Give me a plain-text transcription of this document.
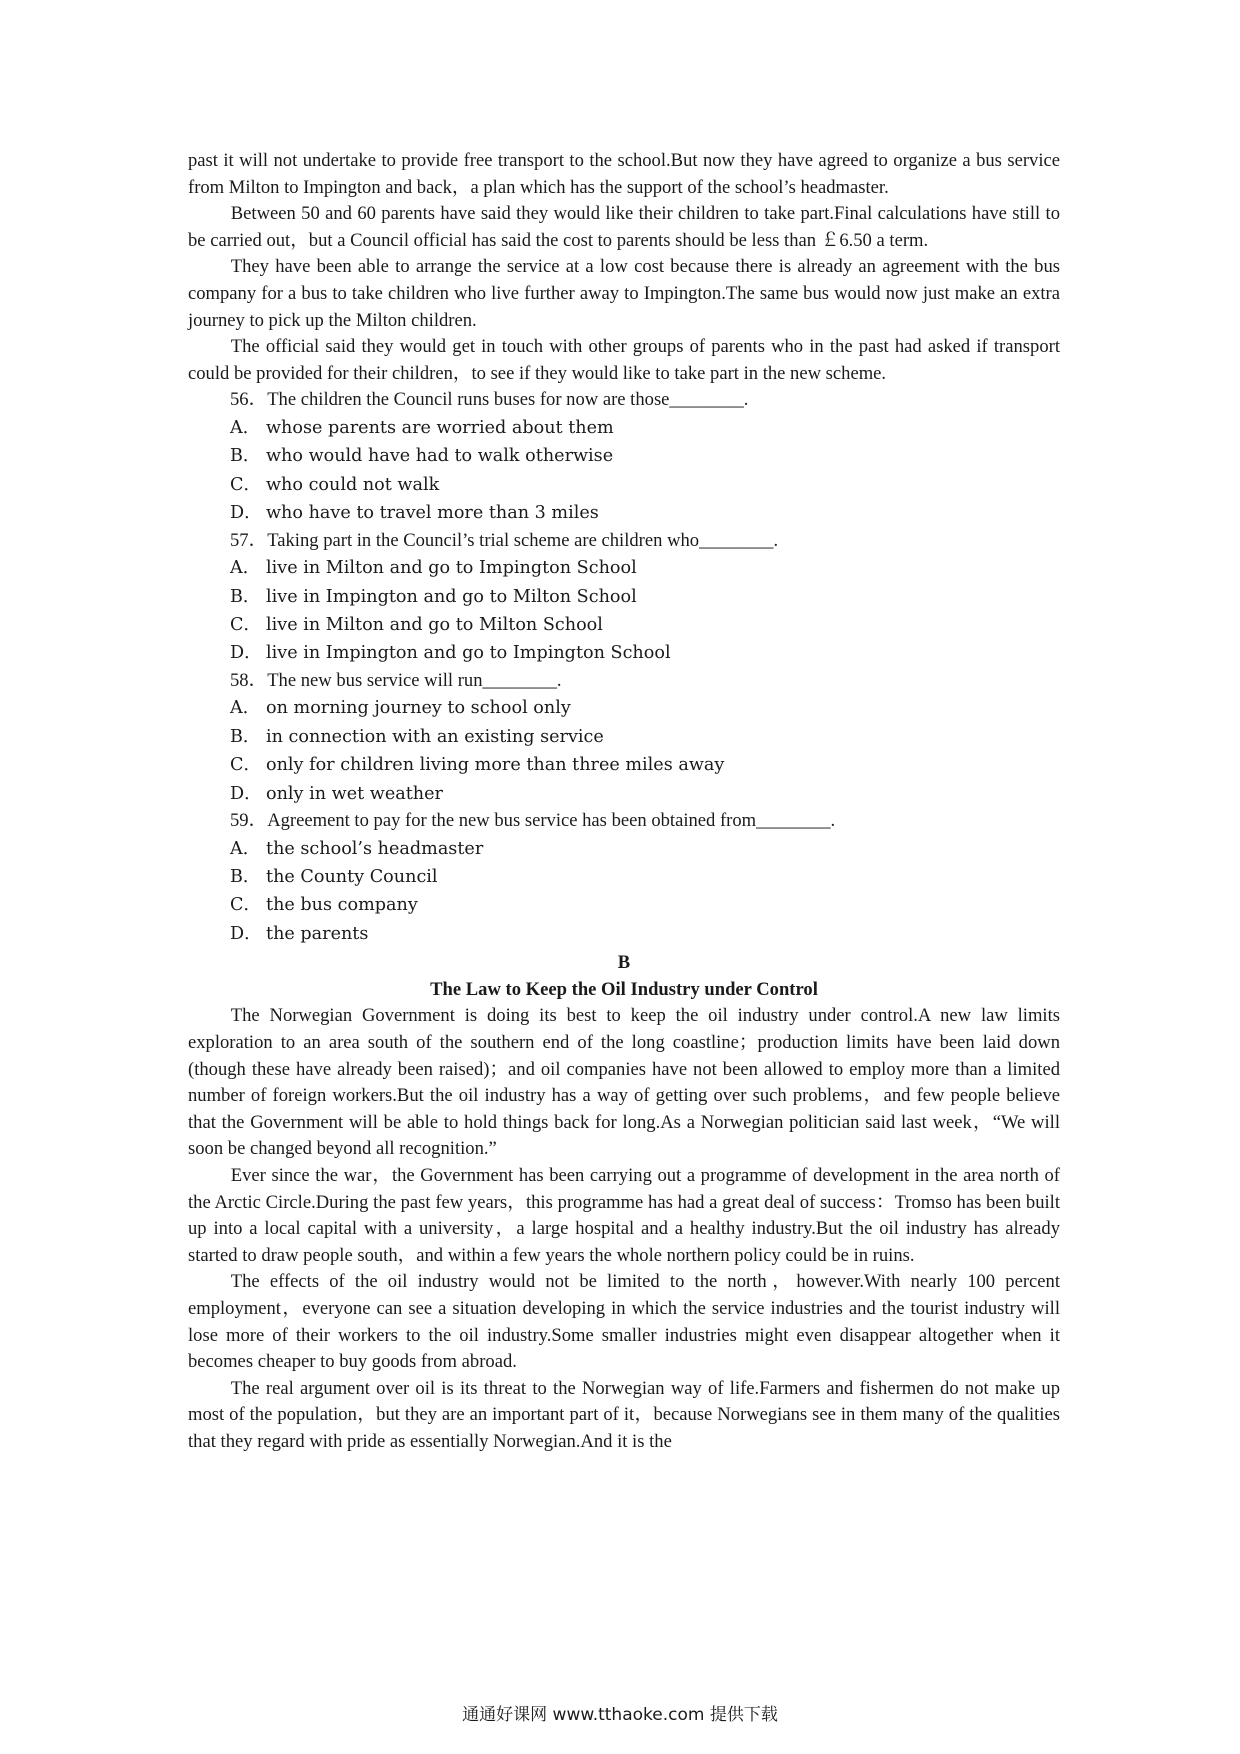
past it will not undertake to provide free transport to the school.But now they have agreed to organize a bus service from Milton to Impington and back，a plan which has the support of the school’s headmaster.

Between 50 and 60 parents have said they would like their children to take part.Final calculations have still to be carried out，but a Council official has said the cost to parents should be less than ￡6.50 a term.

They have been able to arrange the service at a low cost because there is already an agreement with the bus company for a bus to take children who live further away to Impington.The same bus would now just make an extra journey to pick up the Milton children.

The official said they would get in touch with other groups of parents who in the past had asked if transport could be provided for their children，to see if they would like to take part in the new scheme.

56．The children the Council runs buses for now are those________.

A． whose parents are worried about them

B． who would have had to walk otherwise

C． who could not walk

D． who have to travel more than 3 miles

57．Taking part in the Council’s trial scheme are children who________.

A． live in Milton and go to Impington School

B． live in Impington and go to Milton School

C． live in Milton and go to Milton School

D． live in Impington and go to Impington School

58．The new bus service will run________.

A． on morning journey to school only

B． in connection with an existing service

C． only for children living more than three miles away

D． only in wet weather

59．Agreement to pay for the new bus service has been obtained from________.

A． the school’s headmaster

B． the County Council

C． the bus company

D． the parents

B

The Law to Keep the Oil Industry under Control

The Norwegian Government is doing its best to keep the oil industry under control.A new law limits exploration to an area south of the southern end of the long coastline；production limits have been laid down (though these have already been raised)；and oil companies have not been allowed to employ more than a limited number of foreign workers.But the oil industry has a way of getting over such problems，and few people believe that the Government will be able to hold things back for long.As a Norwegian politician said last week，“We will soon be changed beyond all recognition.”

Ever since the war，the Government has been carrying out a programme of development in the area north of the Arctic Circle.During the past few years，this programme has had a great deal of success：Tromso has been built up into a local capital with a university，a large hospital and a healthy industry.But the oil industry has already started to draw people south，and within a few years the whole northern policy could be in ruins.

The effects of the oil industry would not be limited to the north，however.With nearly 100 percent employment，everyone can see a situation developing in which the service industries and the tourist industry will lose more of their workers to the oil industry.Some smaller industries might even disappear altogether when it becomes cheaper to buy goods from abroad.

The real argument over oil is its threat to the Norwegian way of life.Farmers and fishermen do not make up most of the population，but they are an important part of it，because Norwegians see in them many of the qualities that they regard with pride as essentially Norwegian.And it is the

通通好课网 www.tthaoke.com 提供下载
